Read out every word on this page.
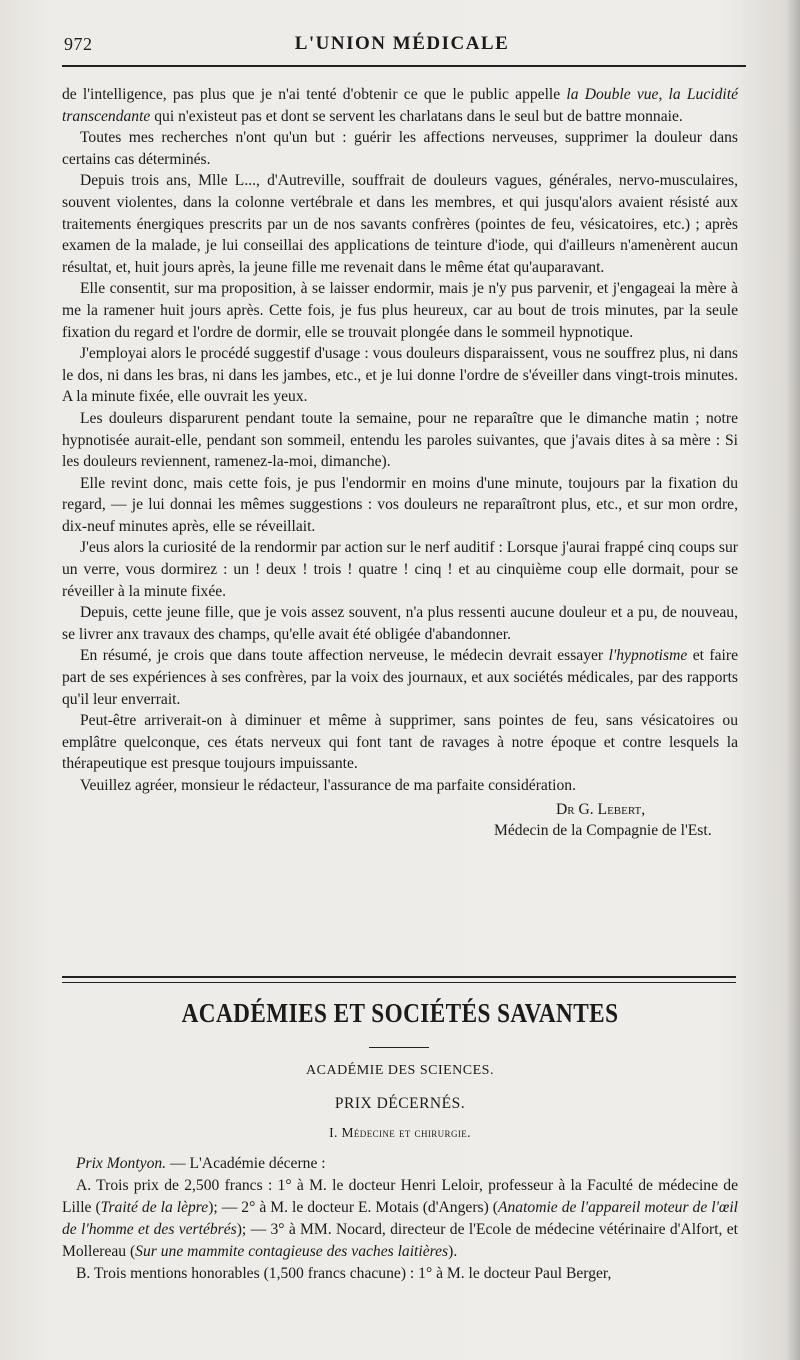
972	L'UNION MÉDICALE

de l'intelligence, pas plus que je n'ai tenté d'obtenir ce que le public appelle la Double vue, la Lucidité transcendante qui n'existeut pas et dont se servent les charlatans dans le seul but de battre monnaie.

Toutes mes recherches n'ont qu'un but : guérir les affections nerveuses, supprimer la douleur dans certains cas déterminés.

Depuis trois ans, Mlle L..., d'Autreville, souffrait de douleurs vagues, générales, nervo-musculaires, souvent violentes, dans la colonne vertébrale et dans les membres, et qui jusqu'alors avaient résisté aux traitements énergiques prescrits par un de nos savants confrères (pointes de feu, vésicatoires, etc.) ; après examen de la malade, je lui conseillai des applications de teinture d'iode, qui d'ailleurs n'amenèrent aucun résultat, et, huit jours après, la jeune fille me revenait dans le même état qu'auparavant.

Elle consentit, sur ma proposition, à se laisser endormir, mais je n'y pus parvenir, et j'engageai la mère à me la ramener huit jours après. Cette fois, je fus plus heureux, car au bout de trois minutes, par la seule fixation du regard et l'ordre de dormir, elle se trouvait plongée dans le sommeil hypnotique.

J'employai alors le procédé suggestif d'usage : vous douleurs disparaissent, vous ne souffrez plus, ni dans le dos, ni dans les bras, ni dans les jambes, etc., et je lui donne l'ordre de s'éveiller dans vingt-trois minutes. A la minute fixée, elle ouvrait les yeux.

Les douleurs disparurent pendant toute la semaine, pour ne reparaître que le dimanche matin ; notre hypnotisée aurait-elle, pendant son sommeil, entendu les paroles suivantes, que j'avais dites à sa mère : Si les douleurs reviennent, ramenez-la-moi, dimanche).

Elle revint donc, mais cette fois, je pus l'endormir en moins d'une minute, toujours par la fixation du regard, — je lui donnai les mêmes suggestions : vos douleurs ne reparaîtront plus, etc., et sur mon ordre, dix-neuf minutes après, elle se réveillait.

J'eus alors la curiosité de la rendormir par action sur le nerf auditif : Lorsque j'aurai frappé cinq coups sur un verre, vous dormirez : un ! deux ! trois ! quatre ! cinq ! et au cinquième coup elle dormait, pour se réveiller à la minute fixée.

Depuis, cette jeune fille, que je vois assez souvent, n'a plus ressenti aucune douleur et a pu, de nouveau, se livrer anx travaux des champs, qu'elle avait été obligée d'abandonner.

En résumé, je crois que dans toute affection nerveuse, le médecin devrait essayer l'hypnotisme et faire part de ses expériences à ses confrères, par la voix des journaux, et aux sociétés médicales, par des rapports qu'il leur enverrait.

Peut-être arriverait-on à diminuer et même à supprimer, sans pointes de feu, sans vésicatoires ou emplâtre quelconque, ces états nerveux qui font tant de ravages à notre époque et contre lesquels la thérapeutique est presque toujours impuissante.

Veuillez agréer, monsieur le rédacteur, l'assurance de ma parfaite considération.

Dr G. Lebert,
Médecin de la Compagnie de l'Est.
ACADÉMIES ET SOCIÉTÉS SAVANTES
ACADÉMIE DES SCIENCES.
PRIX DÉCERNÉS.
I. Médecine et chirurgie.

Prix Montyon. — L'Académie décerne :

A. Trois prix de 2,500 francs : 1° à M. le docteur Henri Leloir, professeur à la Faculté de médecine de Lille (Traité de la lèpre); — 2° à M. le docteur E. Motais (d'Angers) (Anatomie de l'appareil moteur de l'œil de l'homme et des vertébrés); — 3° à MM. Nocard, directeur de l'Ecole de médecine vétérinaire d'Alfort, et Mollereau (Sur une mammite contagieuse des vaches laitières).

B. Trois mentions honorables (1,500 francs chacune) : 1° à M. le docteur Paul Berger,
